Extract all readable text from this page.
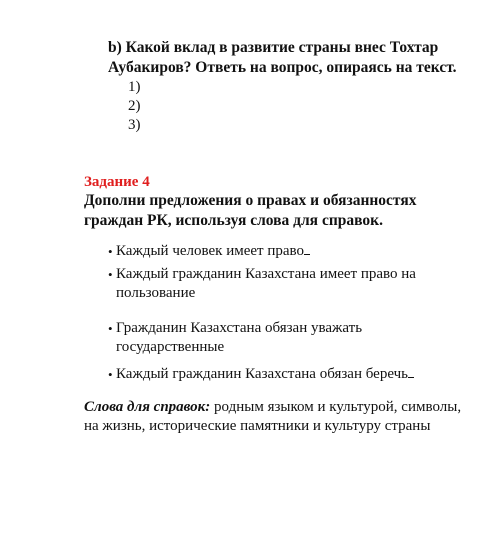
b) Какой вклад в развитие страны внес Тохтар Аубакиров? Ответь на вопрос, опираясь на текст.
1)
2)
3)
Задание 4
Дополни предложения о правах и обязанностях граждан РК, используя слова для справок.
• Каждый человек имеет право
• Каждый гражданин Казахстана имеет право на пользование
• Гражданин Казахстана обязан уважать государственные
• Каждый гражданин Казахстана обязан беречь
Слова для справок: родным языком и культурой, символы, на жизнь, исторические памятники и культуру страны
